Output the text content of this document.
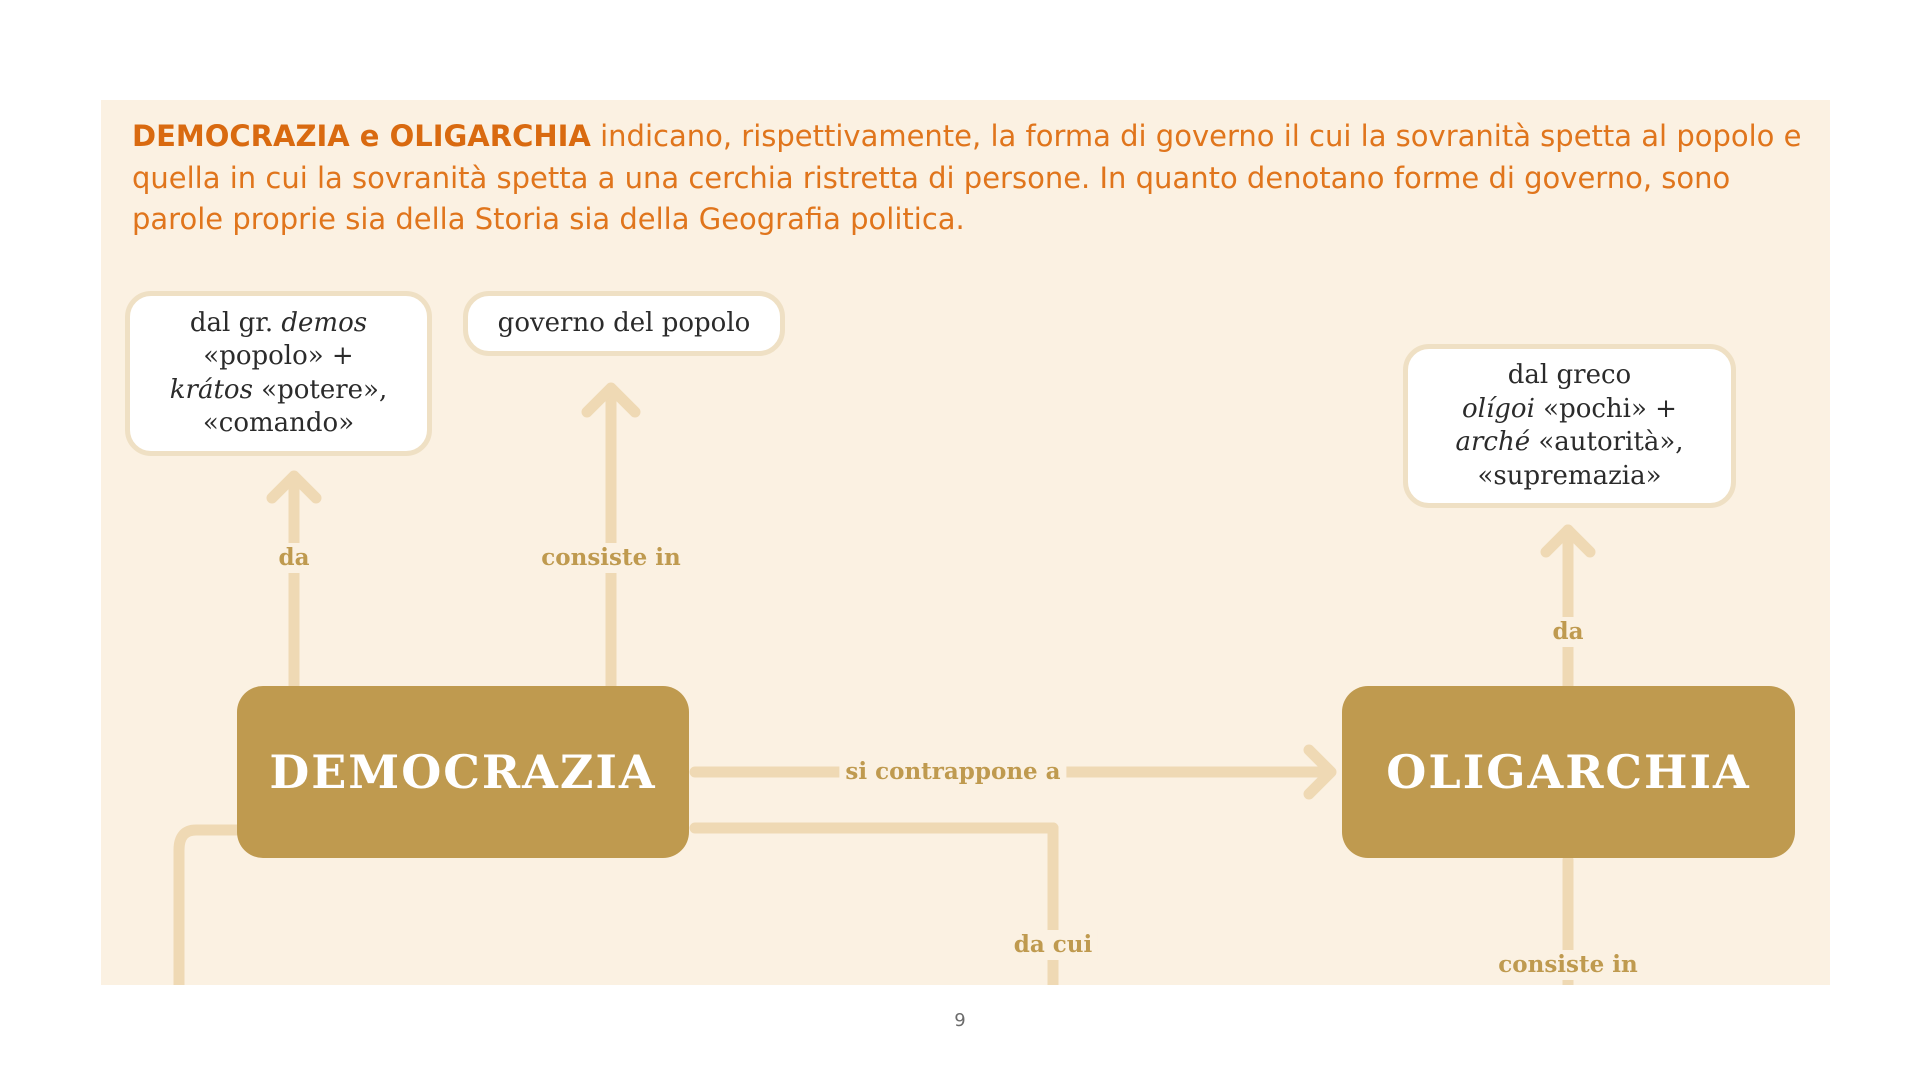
DEMOCRAZIA e OLIGARCHIA indicano, rispettivamente, la forma di governo il cui la sovranità spetta al popolo e quella in cui la sovranità spetta a una cerchia ristretta di persone. In quanto denotano forme di governo, sono parole proprie sia della Storia sia della Geografia politica.

dal gr. demos
«popolo» +
krátos «potere»,
«comando»
governo del popolo
dal greco
olígoi «pochi» +
arché «autorità»,
«supremazia»
DEMOCRAZIA	OLIGARCHIA
da	consiste in
si contrappone a
da
da cui
consiste in
9
